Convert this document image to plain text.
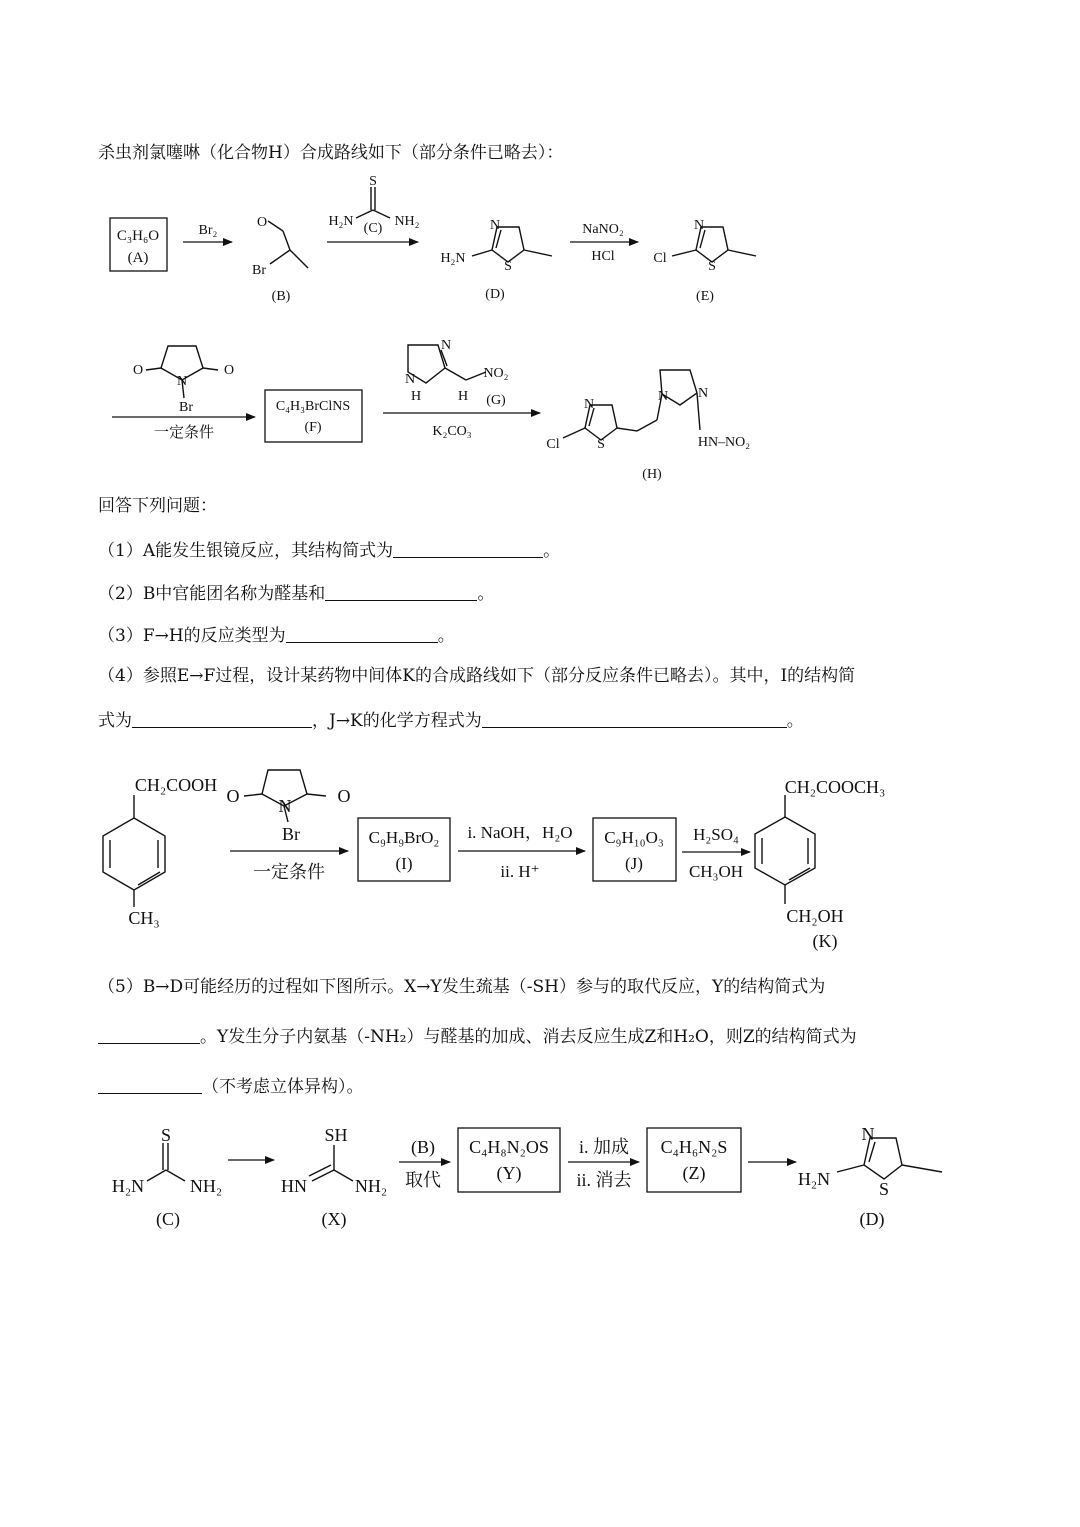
杀虫剂氯噻啉（化合物H）合成路线如下（部分条件已略去）：
回答下列问题：
（1）A能发生银镜反应，其结构简式为	。
（2）B中官能团名称为醛基和	。
（3）F→H的反应类型为	。
（4）参照E→F过程，设计某药物中间体K的合成路线如下（部分反应条件已略去）。其中，I的结构简
式为	，J→K的化学方程式为	。
（5）B→D可能经历的过程如下图所示。X→Y发生巯基（-SH）参与的取代反应，Y的结构简式为
。Y发生分子内氨基（-NH₂）与醛基的加成、消去反应生成Z和H₂O，则Z的结构简式为
（不考虑立体异构）。
C₃H₆O
(A)
Br₂
O
Br
(B)
S
H₂N	NH₂
(C)	N
S
H₂N
(D)
NaNO₂
HCl
N
S
Cl
(E)
O	O
N
Br
一定条件
C₄H₃BrClNS
(F)
N
N
H	H
NO₂
(G)
K₂CO₃
N
S
Cl
N N
HN–NO₂
(H)
CH₂COOH
CH₃
O	O
N
Br
一定条件
C₉H₉BrO₂
(I)
i. NaOH，H₂O
ii. H⁺
C₉H₁₀O₃
(J)
H₂SO₄
CH₃OH
CH₂COOCH₃
CH₂OH
(K)
S
H₂N	NH₂
(C)
SH
HN	NH₂
(X)
(B)
取代
C₄H₈N₂OS
(Y)
i. 加成
ii. 消去
C₄H₆N₂S
(Z)
N
S
H₂N
(D)
